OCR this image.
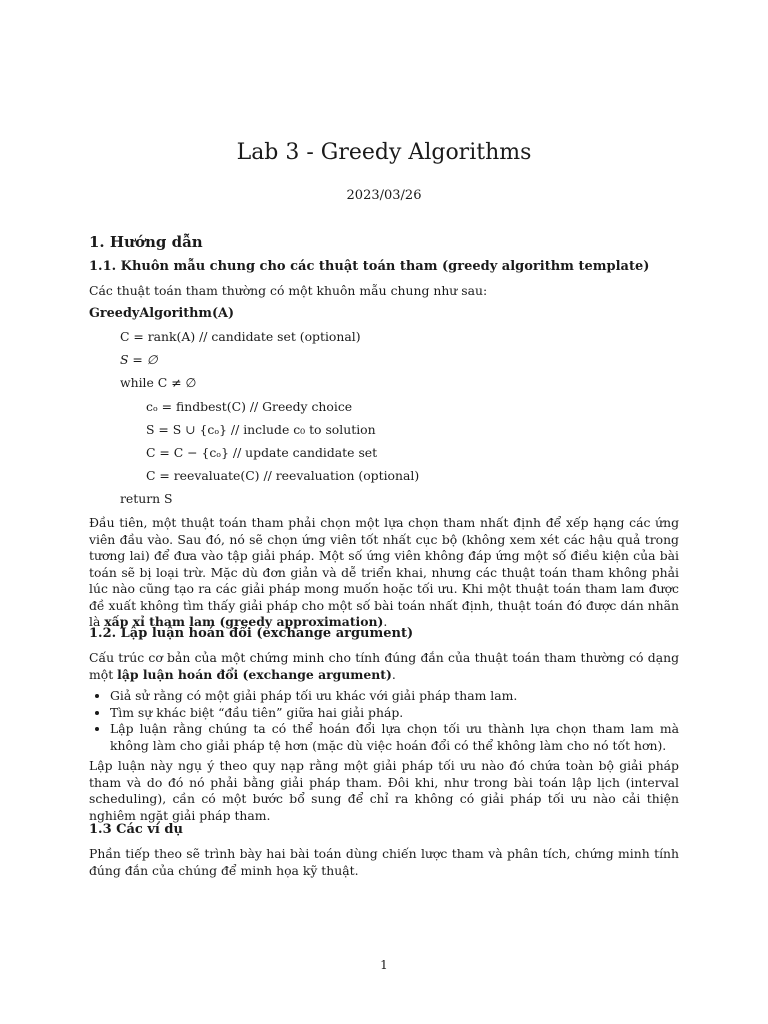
Lab 3 - Greedy Algorithms
2023/03/26
1. Hướng dẫn
1.1. Khuôn mẫu chung cho các thuật toán tham (greedy algorithm template)

Các thuật toán tham thường có một khuôn mẫu chung như sau:

GreedyAlgorithm(A)
C = rank(A) // candidate set (optional)
S = ∅
while C ≠ ∅
cₒ = findbest(C) // Greedy choice
S = S ∪ {cₒ} // include c₀ to solution
C = C − {cₒ} // update candidate set
C = reevaluate(C) // reevaluation (optional)
return S

Đầu tiên, một thuật toán tham phải chọn một lựa chọn tham nhất định để xếp hạng các ứng viên đầu vào. Sau đó, nó sẽ chọn ứng viên tốt nhất cục bộ (không xem xét các hậu quả trong tương lai) để đưa vào tập giải pháp. Một số ứng viên không đáp ứng một số điều kiện của bài toán sẽ bị loại trừ. Mặc dù đơn giản và dễ triển khai, nhưng các thuật toán tham không phải lúc nào cũng tạo ra các giải pháp mong muốn hoặc tối ưu. Khi một thuật toán tham lam được đề xuất không tìm thấy giải pháp cho một số bài toán nhất định, thuật toán đó được dán nhãn là xấp xỉ tham lam (greedy approximation).

1.2. Lập luận hoán đổi (exchange argument)

Cấu trúc cơ bản của một chứng minh cho tính đúng đắn của thuật toán tham thường có dạng một lập luận hoán đổi (exchange argument).

• Giả sử rằng có một giải pháp tối ưu khác với giải pháp tham lam.
• Tìm sự khác biệt “đầu tiên” giữa hai giải pháp.
• Lập luận rằng chúng ta có thể hoán đổi lựa chọn tối ưu thành lựa chọn tham lam mà không làm cho giải pháp tệ hơn (mặc dù việc hoán đổi có thể không làm cho nó tốt hơn).

Lập luận này ngụ ý theo quy nạp rằng một giải pháp tối ưu nào đó chứa toàn bộ giải pháp tham và do đó nó phải bằng giải pháp tham. Đôi khi, như trong bài toán lập lịch (interval scheduling), cần có một bước bổ sung để chỉ ra không có giải pháp tối ưu nào cải thiện nghiêm ngặt giải pháp tham.

1.3 Các ví dụ

Phần tiếp theo sẽ trình bày hai bài toán dùng chiến lược tham và phân tích, chứng minh tính đúng đắn của chúng để minh họa kỹ thuật.

1
